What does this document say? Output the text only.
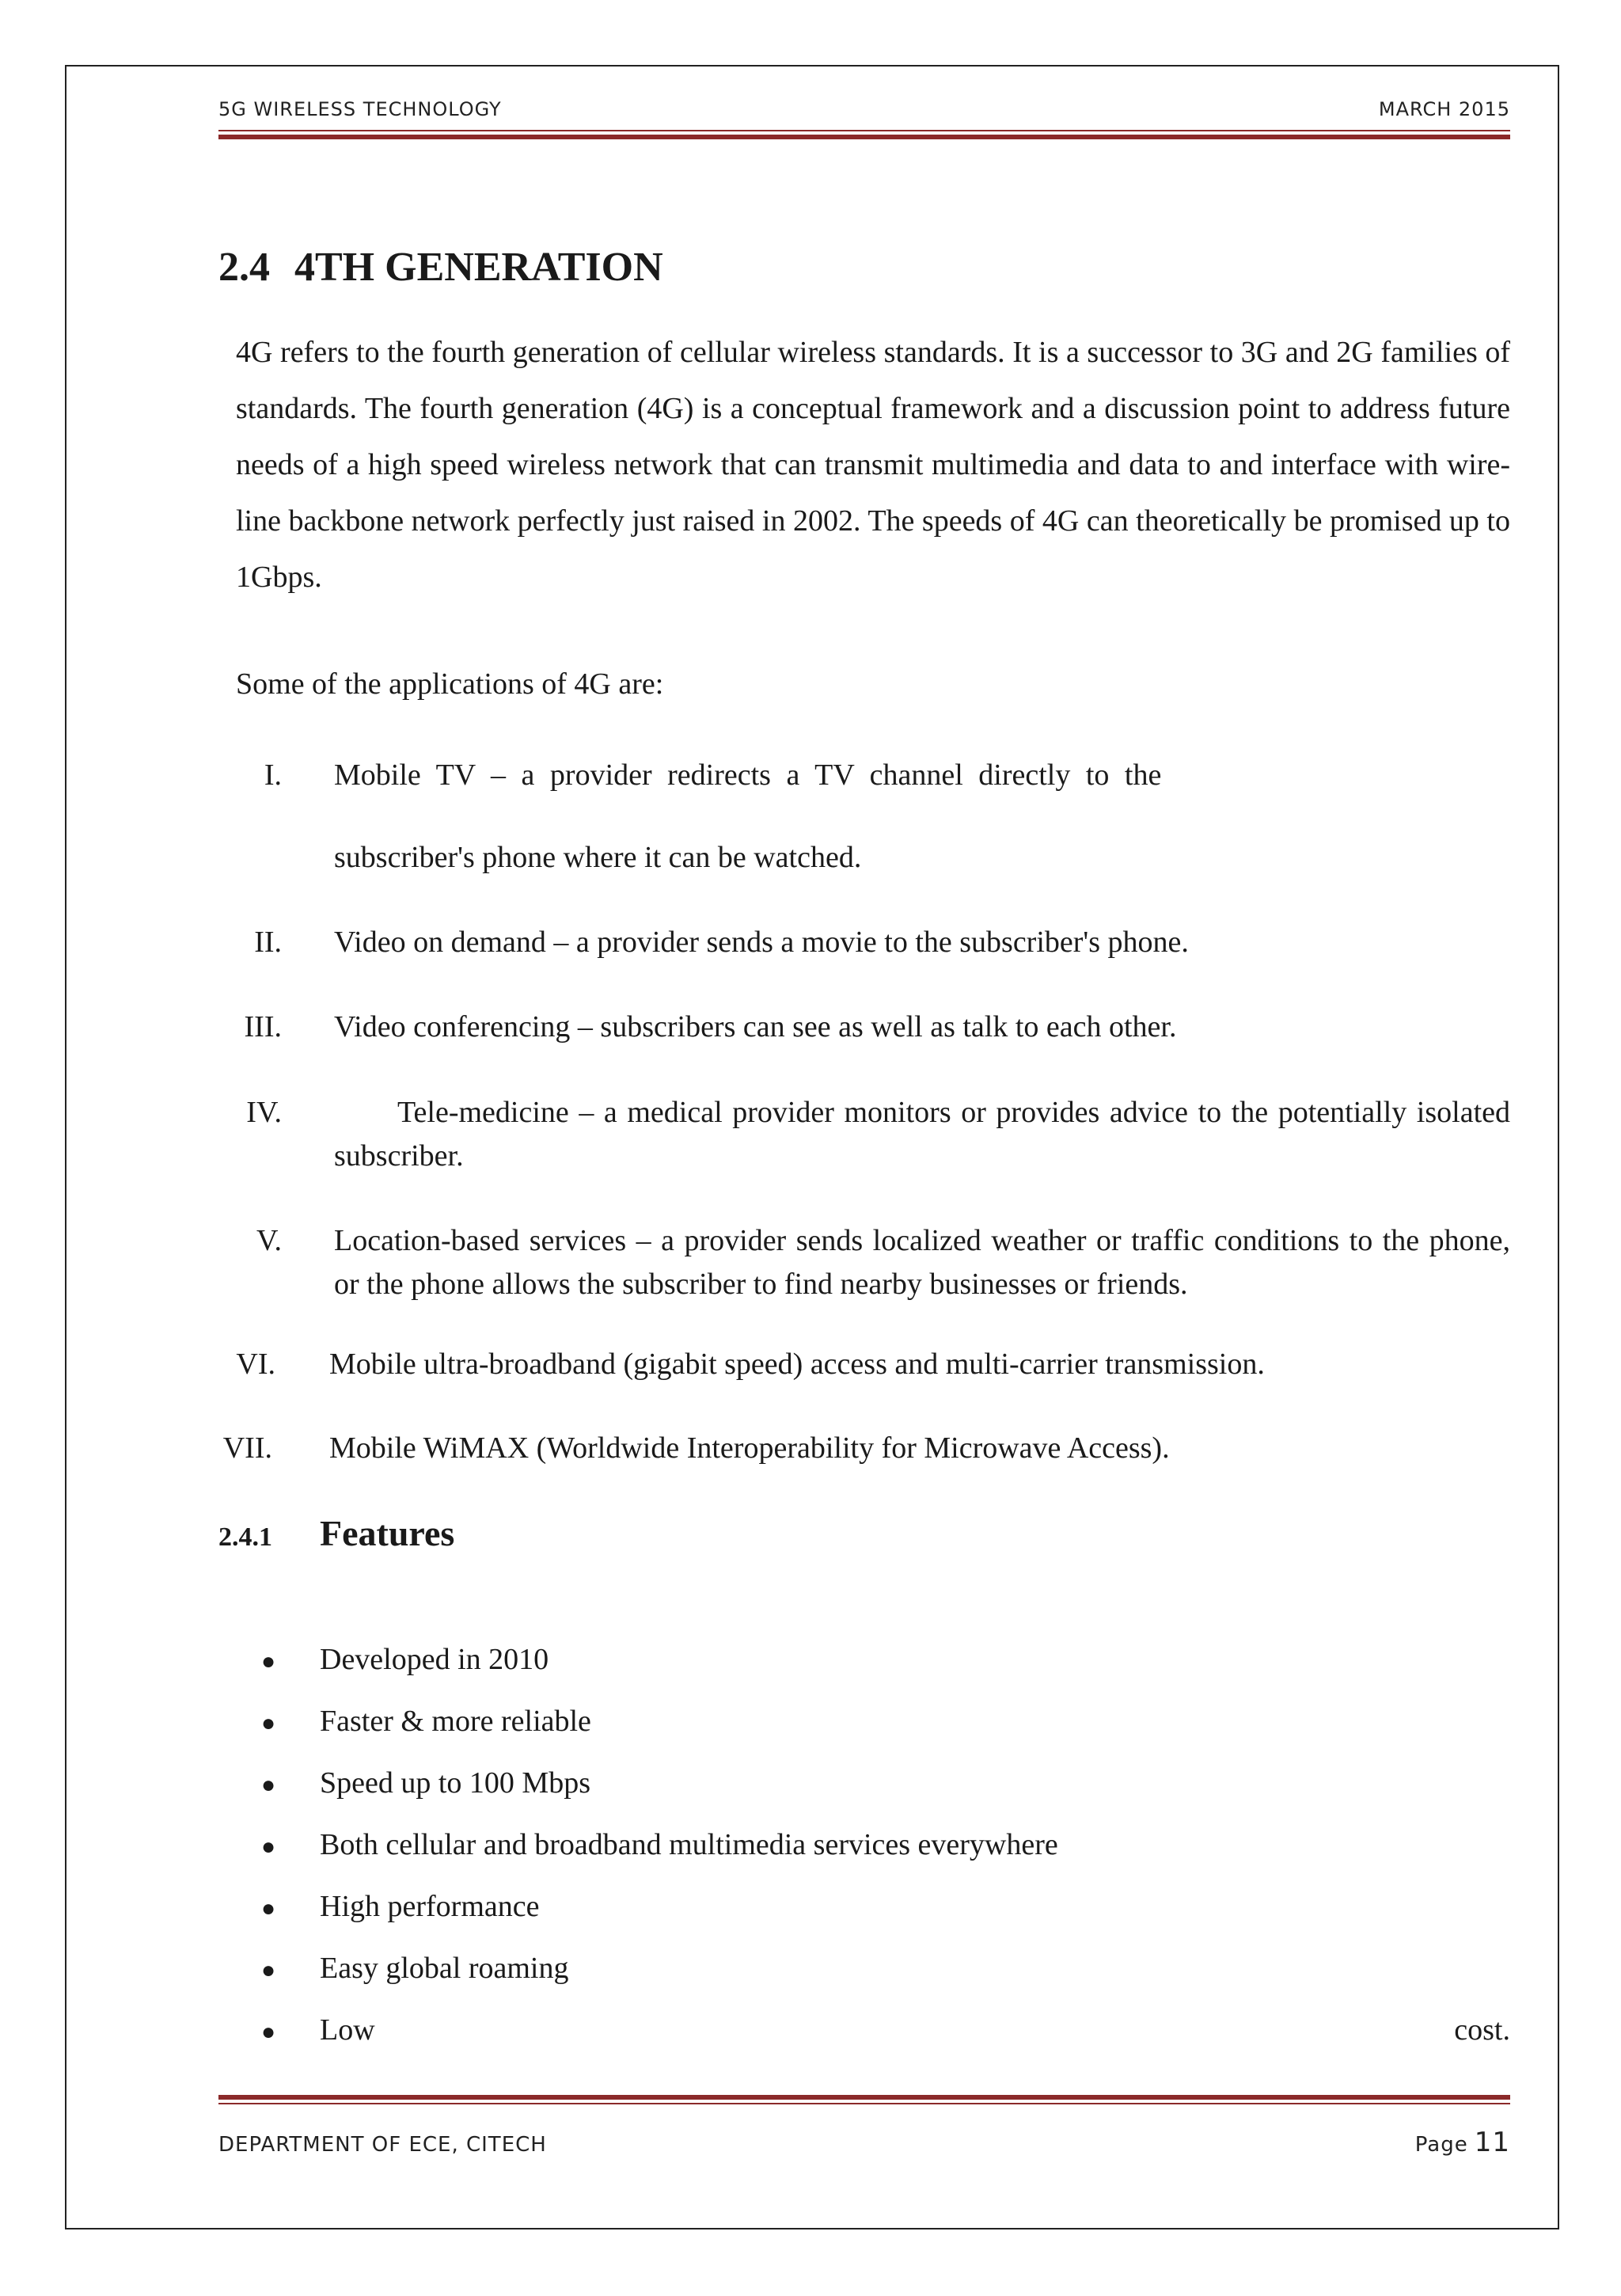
5G WIRELESS TECHNOLOGY	MARCH 2015
2.4 4TH GENERATION
4G refers to the fourth generation of cellular wireless standards. It is a successor to 3G and 2G families of standards. The fourth generation (4G) is a conceptual framework and a discussion point to address future needs of a high speed wireless network that can transmit multimedia and data to and interface with wire-line backbone network perfectly just raised in 2002. The speeds of 4G can theoretically be promised up to 1Gbps.
Some of the applications of 4G are:
I. Mobile TV – a provider redirects a TV channel directly to the
subscriber's phone where it can be watched.
II. Video on demand – a provider sends a movie to the subscriber's phone.
III. Video conferencing – subscribers can see as well as talk to each other.
IV.	Tele-medicine – a medical provider monitors or provides advice to the potentially isolated subscriber.
V. Location-based services – a provider sends localized weather or traffic conditions to the phone, or the phone allows the subscriber to find nearby businesses or friends.
VI. Mobile ultra-broadband (gigabit speed) access and multi-carrier transmission.
VII. Mobile WiMAX (Worldwide Interoperability for Microwave Access).
2.4.1 Features
● Developed in 2010
● Faster & more reliable
● Speed up to 100 Mbps
● Both cellular and broadband multimedia services everywhere
● High performance
● Easy global roaming
● Low	cost.
DEPARTMENT OF ECE, CITECH	Page 11
